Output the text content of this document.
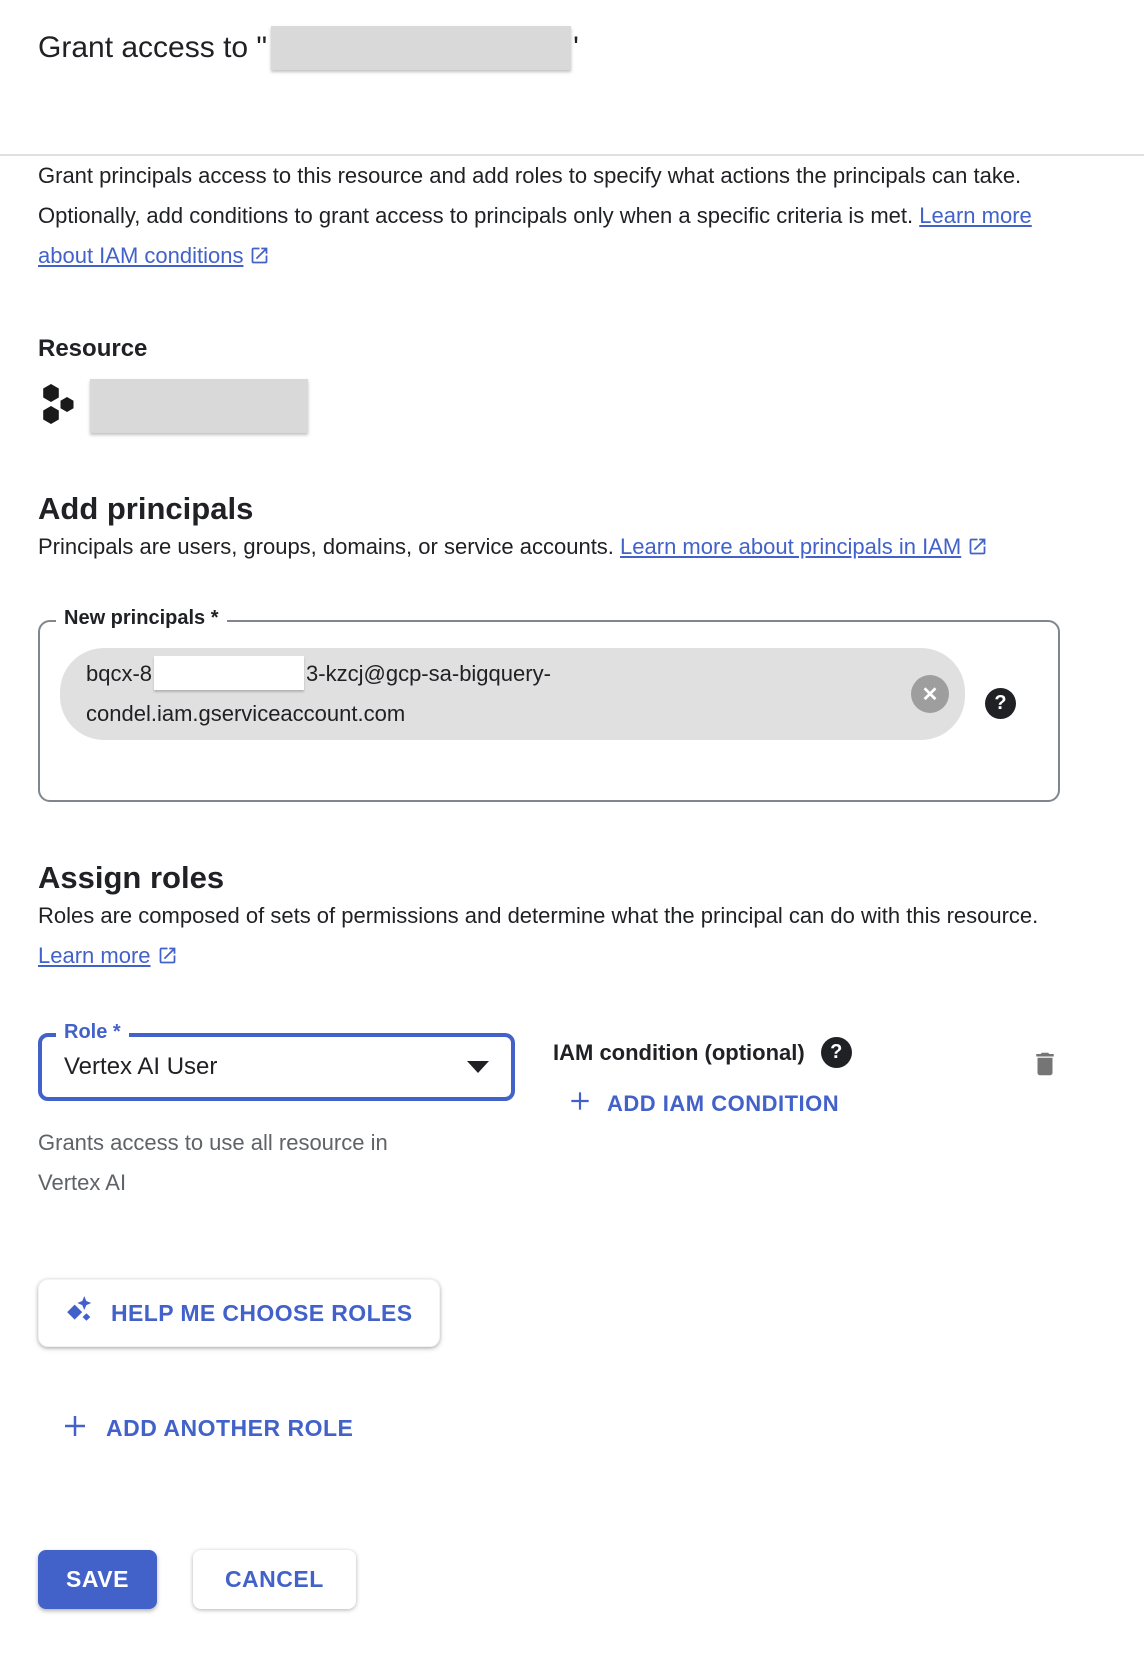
Grant access to "	'

Grant principals access to this resource and add roles to specify what actions the principals can take. Optionally, add conditions to grant access to principals only when a specific criteria is met. Learn more about IAM conditions

Resource
Add principals

Principals are users, groups, domains, or service accounts. Learn more about principals in IAM

New principals *
bqcx-8	3-kzcj@gcp-sa-bigquery-
condel.iam.gserviceaccount.com
✕	?
Assign roles

Roles are composed of sets of permissions and determine what the principal can do with this resource. Learn more

Role *
Vertex AI User
Grants access to use all resource in Vertex AI
IAM condition (optional)	?
ADD IAM CONDITION
HELP ME CHOOSE ROLES
ADD ANOTHER ROLE
SAVE	CANCEL
